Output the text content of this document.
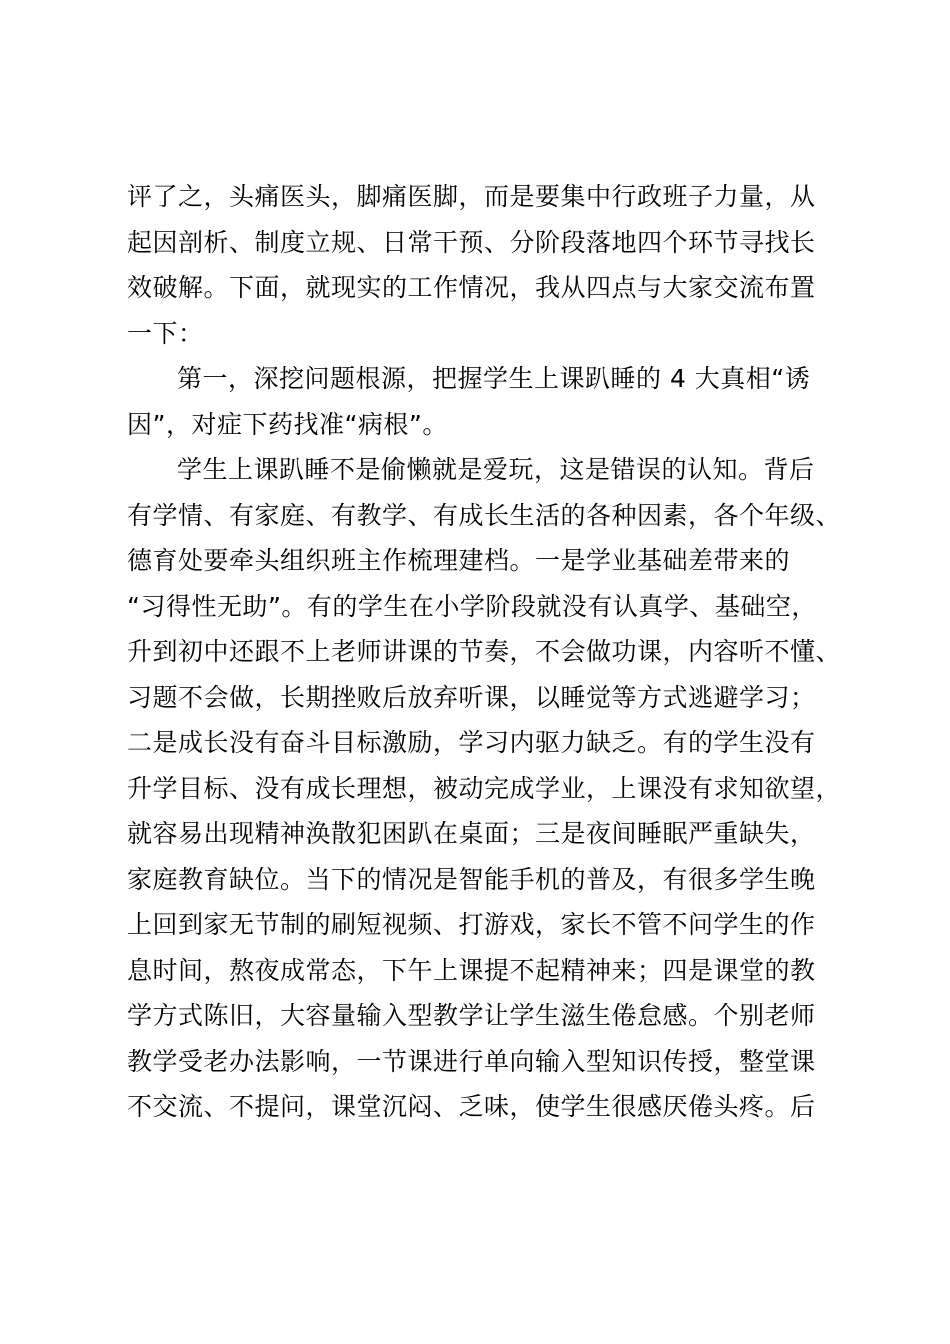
评了之，头痛医头，脚痛医脚，而是要集中行政班子力量，从
起因剖析、制度立规、日常干预、分阶段落地四个环节寻找长
效破解。下面，就现实的工作情况，我从四点与大家交流布置
一下：
第一，深挖问题根源，把握学生上课趴睡的 4 大真相“诱
因”，对症下药找准“病根”。
学生上课趴睡不是偷懒就是爱玩，这是错误的认知。背后
有学情、有家庭、有教学、有成长生活的各种因素，各个年级、
德育处要牵头组织班主作梳理建档。一是学业基础差带来的
“习得性无助”。有的学生在小学阶段就没有认真学、基础空，
升到初中还跟不上老师讲课的节奏，不会做功课，内容听不懂、
习题不会做，长期挫败后放弃听课，以睡觉等方式逃避学习；
二是成长没有奋斗目标激励，学习内驱力缺乏。有的学生没有
升学目标、没有成长理想，被动完成学业，上课没有求知欲望，
就容易出现精神涣散犯困趴在桌面；三是夜间睡眠严重缺失，
家庭教育缺位。当下的情况是智能手机的普及，有很多学生晚
上回到家无节制的刷短视频、打游戏，家长不管不问学生的作
息时间，熬夜成常态，下午上课提不起精神来；四是课堂的教
学方式陈旧，大容量输入型教学让学生滋生倦怠感。个别老师
教学受老办法影响，一节课进行单向输入型知识传授，整堂课
不交流、不提问，课堂沉闷、乏味，使学生很感厌倦头疼。后
